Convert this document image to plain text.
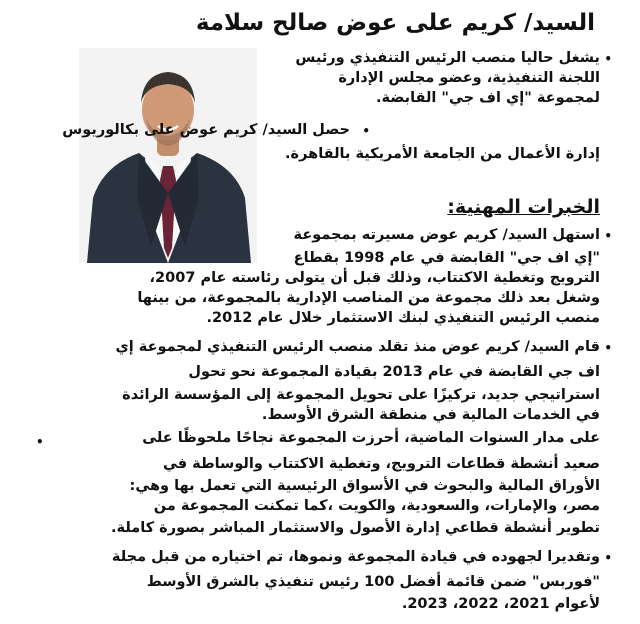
السيد/ كريم على عوض صالح سلامة
•
يشغل حاليا منصب الرئيس التنفيذي ورئيس
اللجنة التنفيذية، وعضو مجلس الإدارة
لمجموعة "إي اف جي" القابضة.
•
حصل السيد/ كريم عوض على بكالوريوس
إدارة الأعمال من الجامعة الأمريكية بالقاهرة.
الخبرات المهنية:
•
استهل السيد/ كريم عوض مسيرته بمجموعة
"إي اف جي" القابضة في عام 1998 بقطاع
الترويج وتغطية الاكتتاب، وذلك قبل أن يتولى رئاسته عام 2007،
وشغل بعد ذلك مجموعة من المناصب الإدارية بالمجموعة، من بينها
منصب الرئيس التنفيذي لبنك الاستثمار خلال عام 2012.
•
قام السيد/ كريم عوض منذ تقلد منصب الرئيس التنفيذي لمجموعة إي
اف جي القابضة في عام 2013 بقيادة المجموعة نحو تحول
استراتيجي جديد، تركيزًا على تحويل المجموعة إلى المؤسسة الرائدة
في الخدمات المالية في منطقة الشرق الأوسط.
•	على مدار السنوات الماضية، أحرزت المجموعة نجاحًا ملحوظًا على
صعيد أنشطة قطاعات الترويج، وتغطية الاكتتاب والوساطة في
الأوراق المالية والبحوث في الأسواق الرئيسية التي تعمل بها وهي:
مصر، والإمارات، والسعودية، والكويت ،كما تمكنت المجموعة من
تطوير أنشطة قطاعي إدارة الأصول والاستثمار المباشر بصورة كاملة.
•
وتقديرا لجهوده في قيادة المجموعة ونموها، تم اختياره من قبل مجلة
"فوربس" ضمن قائمة أفضل 100 رئيس تنفيذي بالشرق الأوسط
لأعوام 2021، 2022، 2023.
